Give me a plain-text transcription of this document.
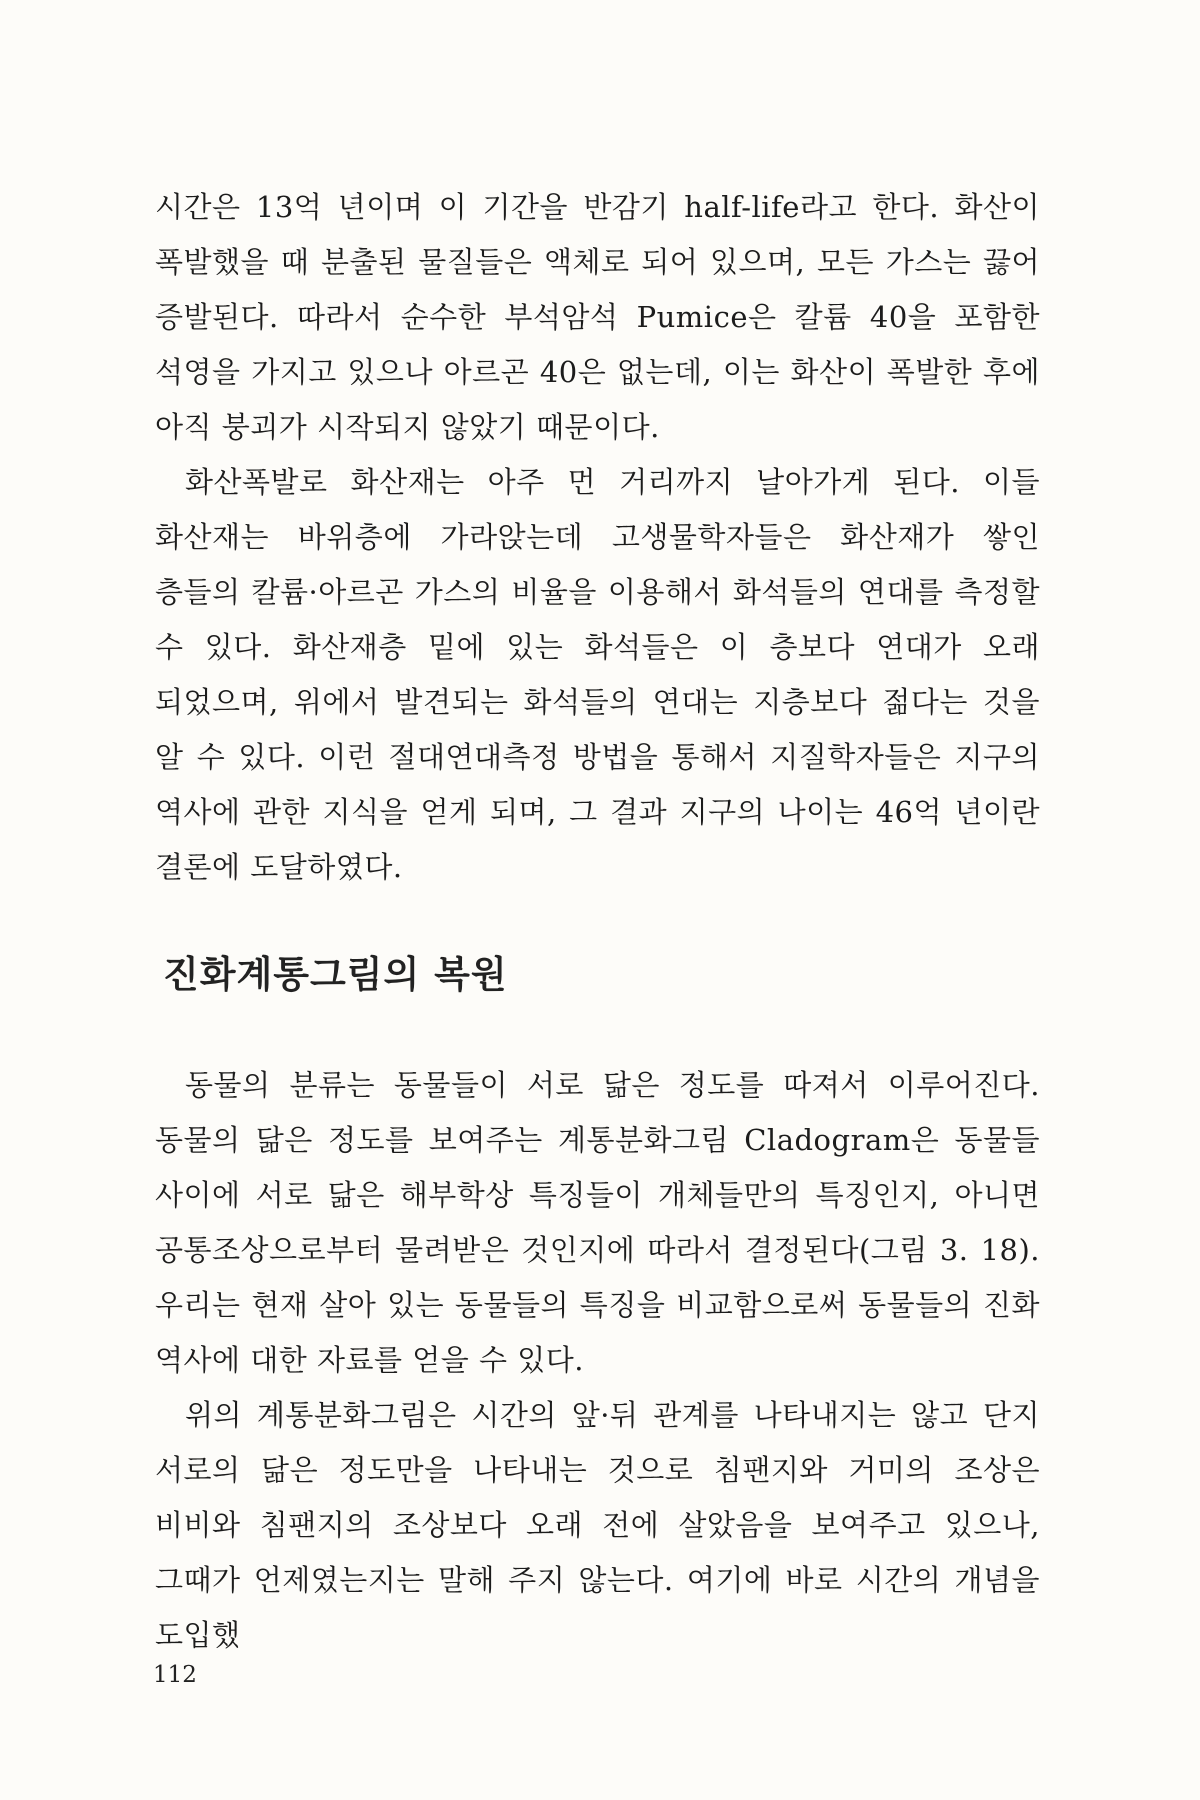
시간은 13억 년이며 이 기간을 반감기 half-life라고 한다. 화산이 폭발했을 때 분출된 물질들은 액체로 되어 있으며, 모든 가스는 끓어 증발된다. 따라서 순수한 부석암석 Pumice은 칼륨 40을 포함한 석영을 가지고 있으나 아르곤 40은 없는데, 이는 화산이 폭발한 후에 아직 붕괴가 시작되지 않았기 때문이다.

화산폭발로 화산재는 아주 먼 거리까지 날아가게 된다. 이들 화산재는 바위층에 가라앉는데 고생물학자들은 화산재가 쌓인 층들의 칼륨·아르곤 가스의 비율을 이용해서 화석들의 연대를 측정할 수 있다. 화산재층 밑에 있는 화석들은 이 층보다 연대가 오래 되었으며, 위에서 발견되는 화석들의 연대는 지층보다 젊다는 것을 알 수 있다. 이런 절대연대측정 방법을 통해서 지질학자들은 지구의 역사에 관한 지식을 얻게 되며, 그 결과 지구의 나이는 46억 년이란 결론에 도달하였다.

진화계통그림의 복원

동물의 분류는 동물들이 서로 닮은 정도를 따져서 이루어진다. 동물의 닮은 정도를 보여주는 계통분화그림 Cladogram은 동물들 사이에 서로 닮은 해부학상 특징들이 개체들만의 특징인지, 아니면 공통조상으로부터 물려받은 것인지에 따라서 결정된다(그림 3. 18). 우리는 현재 살아 있는 동물들의 특징을 비교함으로써 동물들의 진화 역사에 대한 자료를 얻을 수 있다.

위의 계통분화그림은 시간의 앞·뒤 관계를 나타내지는 않고 단지 서로의 닮은 정도만을 나타내는 것으로 침팬지와 거미의 조상은 비비와 침팬지의 조상보다 오래 전에 살았음을 보여주고 있으나, 그때가 언제였는지는 말해 주지 않는다. 여기에 바로 시간의 개념을 도입했

112
